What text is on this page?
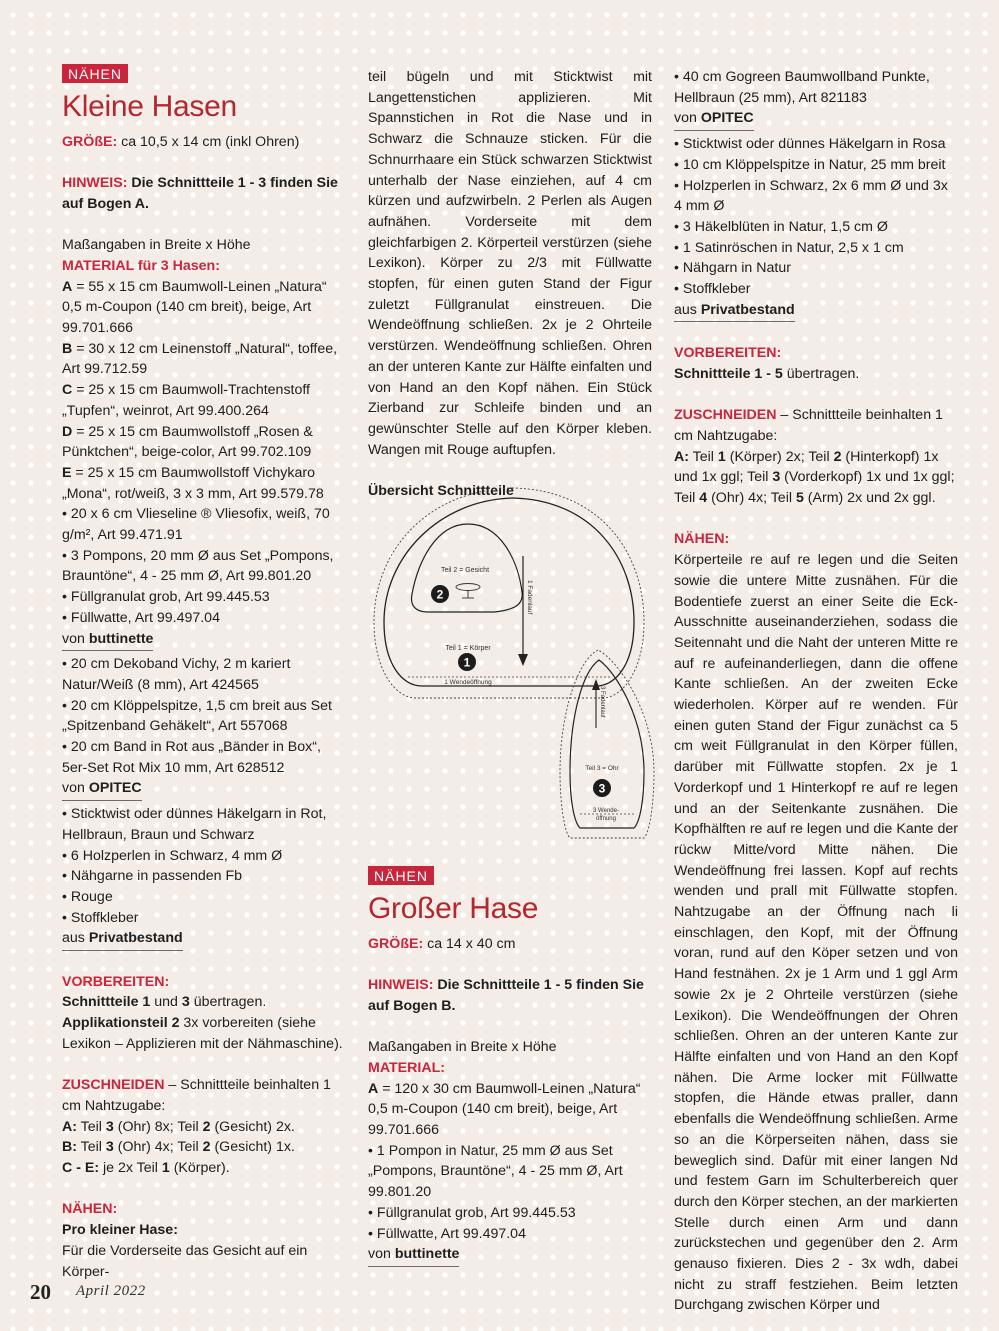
NÄHEN
Kleine Hasen

GRÖßE: ca 10,5 x 14 cm (inkl Ohren)

HINWEIS: Die Schnittteile 1 - 3 finden Sie auf Bogen A.

Maßangaben in Breite x Höhe

MATERIAL für 3 Hasen:

A = 55 x 15 cm Baumwoll-Leinen „Natura“ 0,5 m-Coupon (140 cm breit), beige, Art 99.701.666

B = 30 x 12 cm Leinenstoff „Natural“, toffee, Art 99.712.59

C = 25 x 15 cm Baumwoll-Trachtenstoff „Tupfen“, weinrot, Art 99.400.264

D = 25 x 15 cm Baumwollstoff „Rosen & Pünktchen“, beige-color, Art 99.702.109

E = 25 x 15 cm Baumwollstoff Vichykaro „Mona“, rot/weiß, 3 x 3 mm, Art 99.579.78

• 20 x 6 cm Vlieseline ® Vliesofix, weiß, 70 g/m², Art 99.471.91

• 3 Pompons, 20 mm Ø aus Set „Pompons, Brauntöne“, 4 - 25 mm Ø, Art 99.801.20

• Füllgranulat grob, Art 99.445.53

• Füllwatte, Art 99.497.04

von buttinette

• 20 cm Dekoband Vichy, 2 m kariert Natur/Weiß (8 mm), Art 424565

• 20 cm Klöppelspitze, 1,5 cm breit aus Set „Spitzenband Gehäkelt“, Art 557068

• 20 cm Band in Rot aus „Bänder in Box“, 5er-Set Rot Mix 10 mm, Art 628512

von OPITEC

• Sticktwist oder dünnes Häkelgarn in Rot, Hellbraun, Braun und Schwarz

• 6 Holzperlen in Schwarz, 4 mm Ø

• Nähgarne in passenden Fb

• Rouge

• Stoffkleber

aus Privatbestand

VORBEREITEN:

Schnittteile 1 und 3 übertragen.

Applikationsteil 2 3x vorbereiten (siehe Lexikon – Applizieren mit der Nähmaschine).

ZUSCHNEIDEN – Schnittteile beinhalten 1 cm Nahtzugabe:

A: Teil 3 (Ohr) 8x; Teil 2 (Gesicht) 2x.

B: Teil 3 (Ohr) 4x; Teil 2 (Gesicht) 1x.

C - E: je 2x Teil 1 (Körper).

NÄHEN:

Pro kleiner Hase:

Für die Vorderseite das Gesicht auf ein Körper-

teil bügeln und mit Sticktwist mit Langettenstichen applizieren. Mit Spannstichen in Rot die Nase und in Schwarz die Schnauze sticken. Für die Schnurrhaare ein Stück schwarzen Sticktwist unterhalb der Nase einziehen, auf 4 cm kürzen und aufzwirbeln. 2 Perlen als Augen aufnähen. Vorderseite mit dem gleichfarbigen 2. Körperteil verstürzen (siehe Lexikon). Körper zu 2/3 mit Füllwatte stopfen, für einen guten Stand der Figur zuletzt Füllgranulat einstreuen. Die Wendeöffnung schließen. 2x je 2 Ohrteile verstürzen. Wendeöffnung schließen. Ohren an der unteren Kante zur Hälfte einfalten und von Hand an den Kopf nähen. Ein Stück Zierband zur Schleife binden und an gewünschter Stelle auf den Körper kleben. Wangen mit Rouge auftupfen.

Übersicht Schnittteile

1 Fadenlauf
Teil 2 = Gesicht
2
Teil 1 = Körper
1
1 Wendeöffnung
3 Fadenlauf
Teil 3 = Ohr
3
3 Wende-
öffnung
NÄHEN
Großer Hase

GRÖßE: ca 14 x 40 cm

HINWEIS: Die Schnittteile 1 - 5 finden Sie auf Bogen B.

Maßangaben in Breite x Höhe

MATERIAL:

A = 120 x 30 cm Baumwoll-Leinen „Natura“ 0,5 m-Coupon (140 cm breit), beige, Art 99.701.666

• 1 Pompon in Natur, 25 mm Ø aus Set „Pompons, Brauntöne“, 4 - 25 mm Ø, Art 99.801.20

• Füllgranulat grob, Art 99.445.53

• Füllwatte, Art 99.497.04

von buttinette

• 40 cm Gogreen Baumwollband Punkte, Hellbraun (25 mm), Art 821183

von OPITEC

• Sticktwist oder dünnes Häkelgarn in Rosa

• 10 cm Klöppelspitze in Natur, 25 mm breit

• Holzperlen in Schwarz, 2x 6 mm Ø und 3x 4 mm Ø

• 3 Häkelblüten in Natur, 1,5 cm Ø

• 1 Satinröschen in Natur, 2,5 x 1 cm

• Nähgarn in Natur

• Stoffkleber

aus Privatbestand

VORBEREITEN:

Schnittteile 1 - 5 übertragen.

ZUSCHNEIDEN – Schnittteile beinhalten 1 cm Nahtzugabe:

A: Teil 1 (Körper) 2x; Teil 2 (Hinterkopf) 1x und 1x ggl; Teil 3 (Vorderkopf) 1x und 1x ggl; Teil 4 (Ohr) 4x; Teil 5 (Arm) 2x und 2x ggl.

NÄHEN:

Körperteile re auf re legen und die Seiten sowie die untere Mitte zusnähen. Für die Bodentiefe zuerst an einer Seite die Eck-Ausschnitte auseinanderziehen, sodass die Seitennaht und die Naht der unteren Mitte re auf re aufeinanderliegen, dann die offene Kante schließen. An der zweiten Ecke wiederholen. Körper auf re wenden. Für einen guten Stand der Figur zunächst ca 5 cm weit Füllgranulat in den Körper füllen, darüber mit Füllwatte stopfen. 2x je 1 Vorderkopf und 1 Hinterkopf re auf re legen und an der Seitenkante zusnähen. Die Kopfhälften re auf re legen und die Kante der rückw Mitte/vord Mitte nähen. Die Wendeöffnung frei lassen. Kopf auf rechts wenden und prall mit Füllwatte stopfen. Nahtzugabe an der Öffnung nach li einschlagen, den Kopf, mit der Öffnung voran, rund auf den Köper setzen und von Hand festnähen. 2x je 1 Arm und 1 ggl Arm sowie 2x je 2 Ohrteile verstürzen (siehe Lexikon). Die Wendeöffnungen der Ohren schließen. Ohren an der unteren Kante zur Hälfte einfalten und von Hand an den Kopf nähen. Die Arme locker mit Füllwatte stopfen, die Hände etwas praller, dann ebenfalls die Wendeöffnung schließen. Arme so an die Körperseiten nähen, dass sie beweglich sind. Dafür mit einer langen Nd und festem Garn im Schulterbereich quer durch den Körper stechen, an der markierten Stelle durch einen Arm und dann zurückstechen und gegenüber den 2. Arm genauso fixieren. Dies 2 - 3x wdh, dabei nicht zu straff festziehen. Beim letzten Durchgang zwischen Körper und

20 April 2022
